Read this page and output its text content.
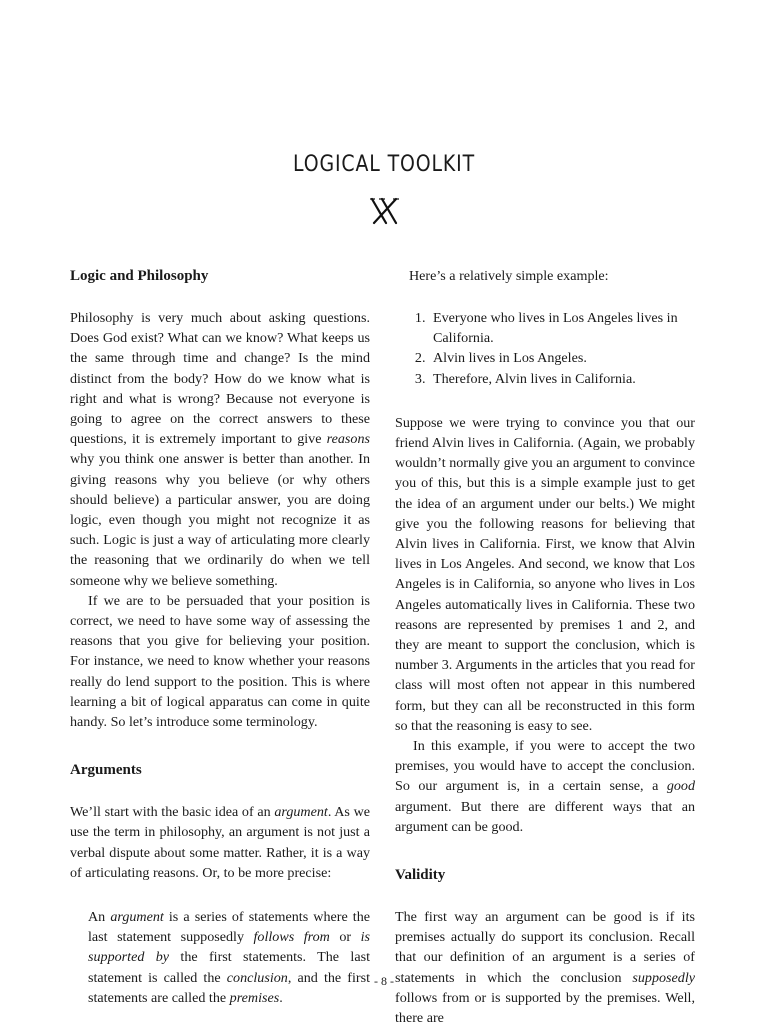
LOGICAL TOOLKIT
Logic and Philosophy

Philosophy is very much about asking questions. Does God exist? What can we know? What keeps us the same through time and change? Is the mind distinct from the body? How do we know what is right and what is wrong? Because not everyone is going to agree on the correct answers to these questions, it is extremely important to give reasons why you think one answer is better than another. In giving reasons why you believe (or why others should believe) a particular answer, you are doing logic, even though you might not recognize it as such. Logic is just a way of articulating more clearly the reasoning that we ordinarily do when we tell someone why we believe something.

If we are to be persuaded that your position is correct, we need to have some way of assessing the reasons that you give for believing your position. For instance, we need to know whether your reasons really do lend support to the position. This is where learning a bit of logical apparatus can come in quite handy. So let’s introduce some terminology.

Arguments

We’ll start with the basic idea of an argument. As we use the term in philosophy, an argument is not just a verbal dispute about some matter. Rather, it is a way of articulating reasons. Or, to be more precise:

An argument is a series of statements where the last statement supposedly follows from or is supported by the first statements. The last statement is called the conclusion, and the first statements are called the premises.

Here’s a relatively simple example:

1. Everyone who lives in Los Angeles lives in California.
2. Alvin lives in Los Angeles.
3. Therefore, Alvin lives in California.

Suppose we were trying to convince you that our friend Alvin lives in California. (Again, we probably wouldn’t normally give you an argument to convince you of this, but this is a simple example just to get the idea of an argument under our belts.) We might give you the following reasons for believing that Alvin lives in California. First, we know that Alvin lives in Los Angeles. And second, we know that Los Angeles is in California, so anyone who lives in Los Angeles automatically lives in California. These two reasons are represented by premises 1 and 2, and they are meant to support the conclusion, which is number 3. Arguments in the articles that you read for class will most often not appear in this numbered form, but they can all be reconstructed in this form so that the reasoning is easy to see.

In this example, if you were to accept the two premises, you would have to accept the conclusion. So our argument is, in a certain sense, a good argument. But there are different ways that an argument can be good.

Validity

The first way an argument can be good is if its premises actually do support its conclusion. Recall that our definition of an argument is a series of statements in which the conclusion supposedly follows from or is supported by the premises. Well, there are

- 8 -
